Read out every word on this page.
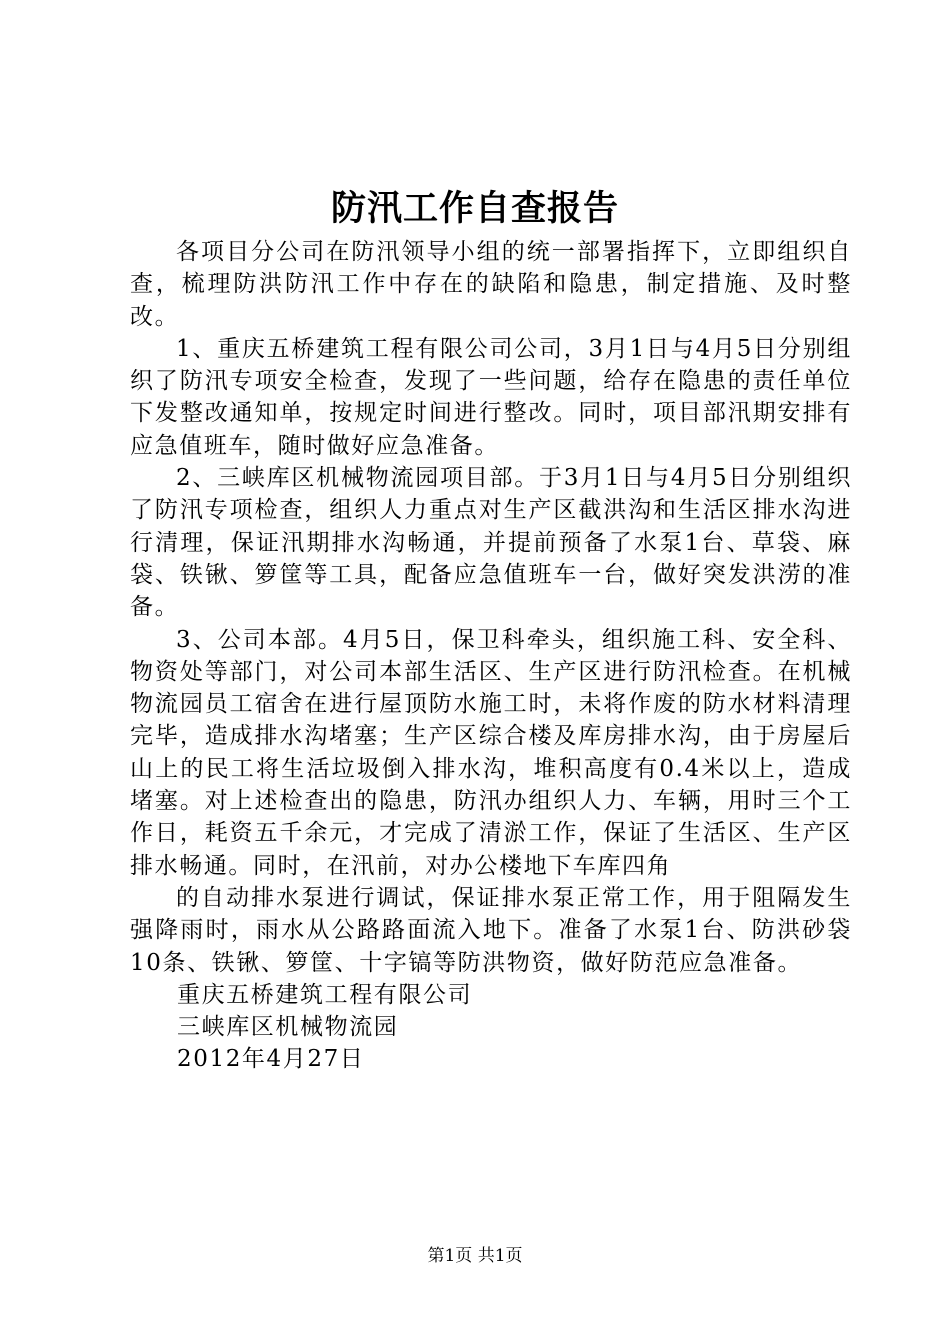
防汛工作自查报告

各项目分公司在防汛领导小组的统一部署指挥下，立即组织自查，梳理防洪防汛工作中存在的缺陷和隐患，制定措施、及时整改。

1、重庆五桥建筑工程有限公司公司，3月1日与4月5日分别组织了防汛专项安全检查，发现了一些问题，给存在隐患的责任单位下发整改通知单，按规定时间进行整改。同时，项目部汛期安排有应急值班车，随时做好应急准备。

2、三峡库区机械物流园项目部。于3月1日与4月5日分别组织了防汛专项检查，组织人力重点对生产区截洪沟和生活区排水沟进行清理，保证汛期排水沟畅通，并提前预备了水泵1台、草袋、麻袋、铁锹、箩筐等工具，配备应急值班车一台，做好突发洪涝的准备。

3、公司本部。4月5日，保卫科牵头，组织施工科、安全科、物资处等部门，对公司本部生活区、生产区进行防汛检查。在机械物流园员工宿舍在进行屋顶防水施工时，未将作废的防水材料清理完毕，造成排水沟堵塞；生产区综合楼及库房排水沟，由于房屋后山上的民工将生活垃圾倒入排水沟，堆积高度有0.4米以上，造成堵塞。对上述检查出的隐患，防汛办组织人力、车辆，用时三个工作日，耗资五千余元，才完成了清淤工作，保证了生活区、生产区排水畅通。同时，在汛前，对办公楼地下车库四角

的自动排水泵进行调试，保证排水泵正常工作，用于阻隔发生强降雨时，雨水从公路路面流入地下。准备了水泵1台、防洪砂袋10条、铁锹、箩筐、十字镐等防洪物资，做好防范应急准备。

重庆五桥建筑工程有限公司

三峡库区机械物流园

2012年4月27日

第1页 共1页
